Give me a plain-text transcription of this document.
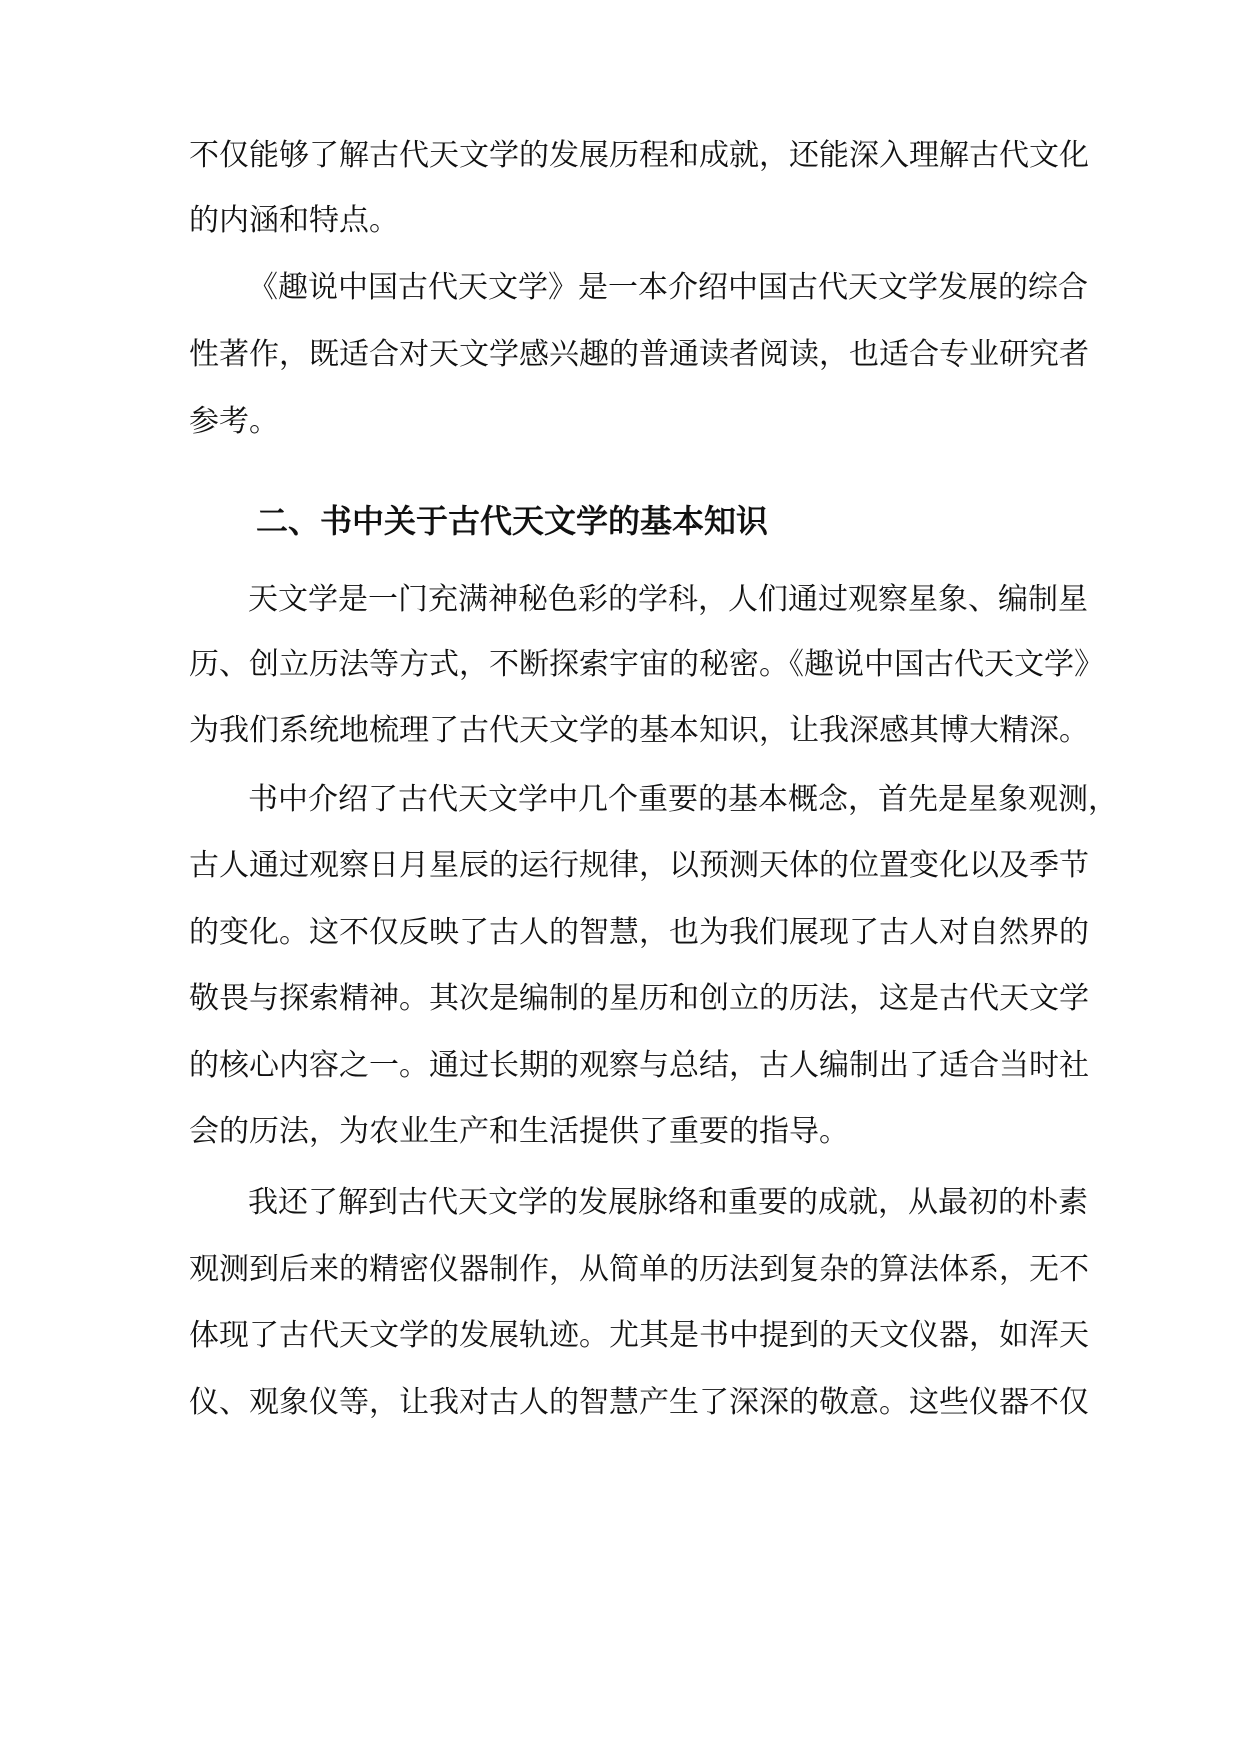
不仅能够了解古代天文学的发展历程和成就，还能深入理解古代文化
的内涵和特点。
《趣说中国古代天文学》是一本介绍中国古代天文学发展的综合
性著作，既适合对天文学感兴趣的普通读者阅读，也适合专业研究者
参考。
二、书中关于古代天文学的基本知识
天文学是一门充满神秘色彩的学科，人们通过观察星象、编制星
历、创立历法等方式，不断探索宇宙的秘密。《趣说中国古代天文学》
为我们系统地梳理了古代天文学的基本知识，让我深感其博大精深。
书中介绍了古代天文学中几个重要的基本概念，首先是星象观测，
古人通过观察日月星辰的运行规律，以预测天体的位置变化以及季节
的变化。这不仅反映了古人的智慧，也为我们展现了古人对自然界的
敬畏与探索精神。其次是编制的星历和创立的历法，这是古代天文学
的核心内容之一。通过长期的观察与总结，古人编制出了适合当时社
会的历法，为农业生产和生活提供了重要的指导。
我还了解到古代天文学的发展脉络和重要的成就，从最初的朴素
观测到后来的精密仪器制作，从简单的历法到复杂的算法体系，无不
体现了古代天文学的发展轨迹。尤其是书中提到的天文仪器，如浑天
仪、观象仪等，让我对古人的智慧产生了深深的敬意。这些仪器不仅
